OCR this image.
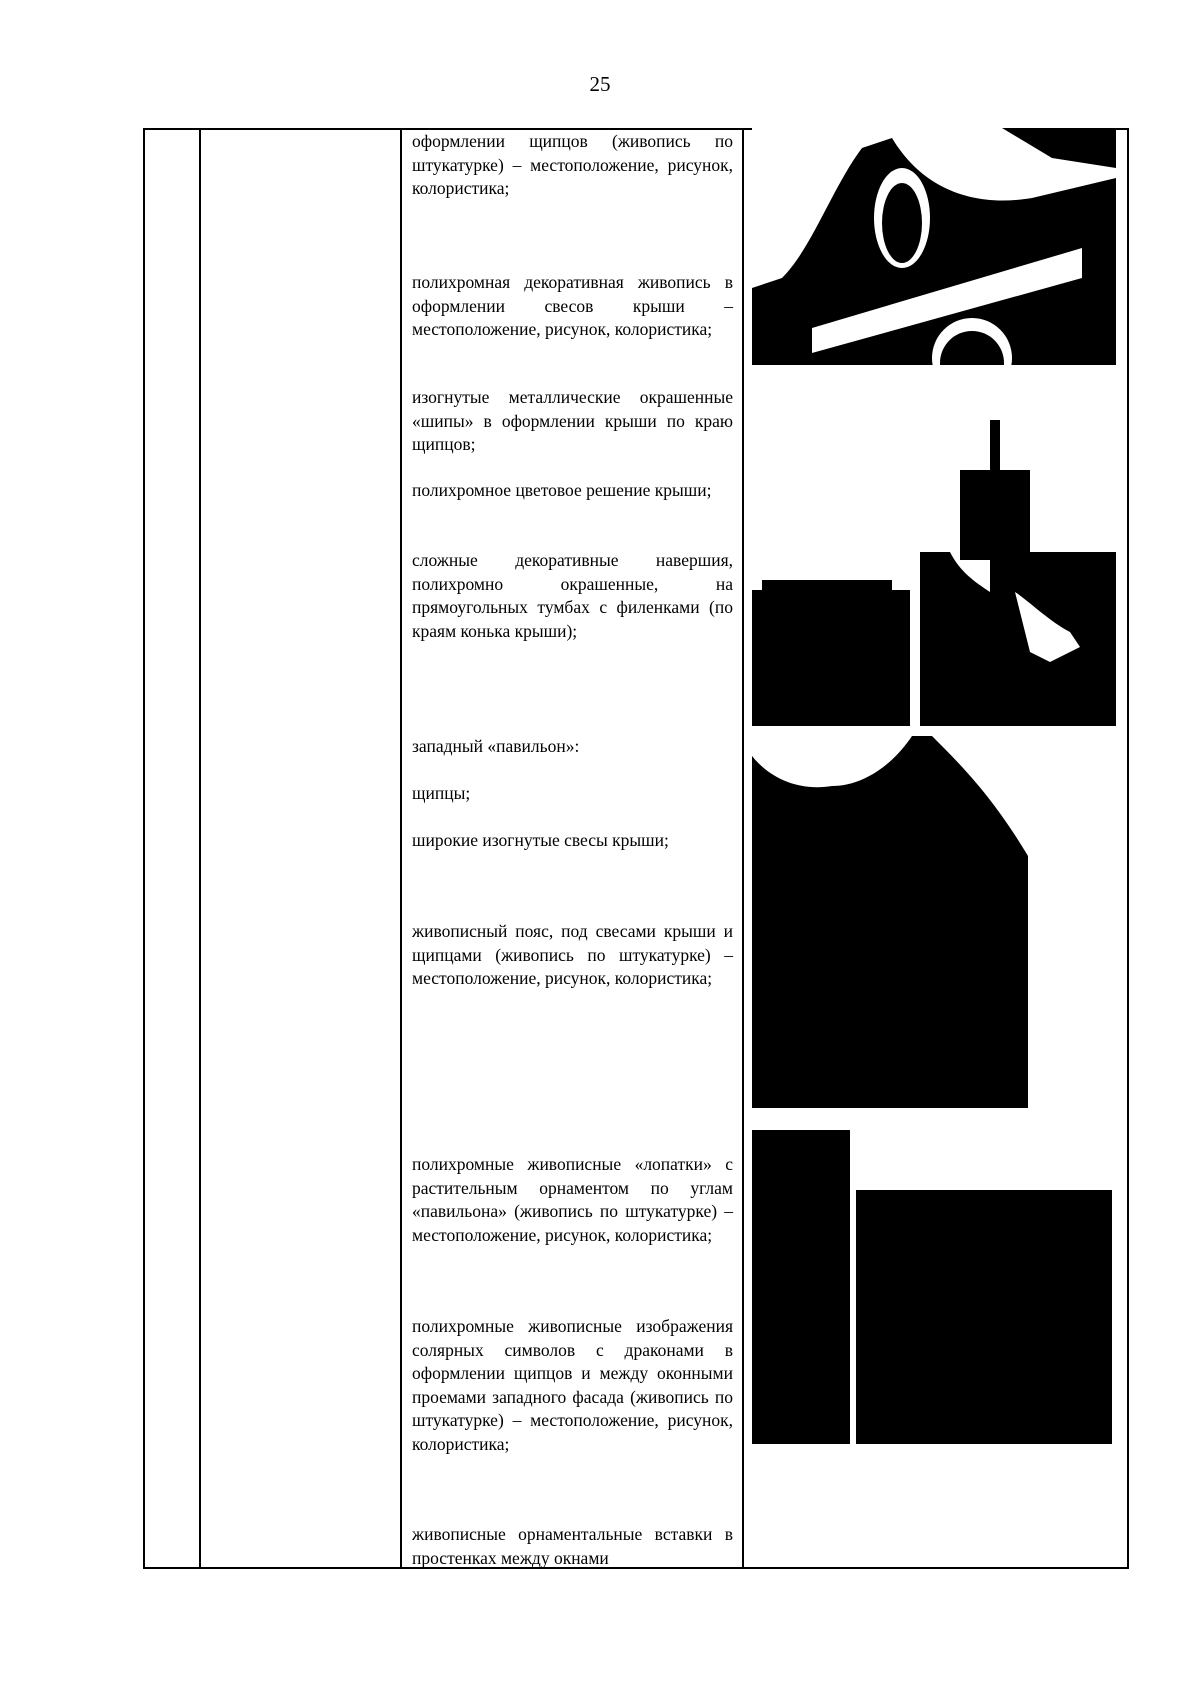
25
оформлении щипцов (живопись по штукатурке) – местоположение, рисунок, колористика;
полихромная декоративная живопись в оформлении свесов крыши – местоположение, рисунок, колористика;
изогнутые металлические окрашенные «шипы» в оформлении крыши по краю щипцов;
полихромное цветовое решение крыши;
сложные декоративные навершия, полихромно окрашенные, на прямоугольных тумбах с филенками (по краям конька крыши);
западный «павильон»:
щипцы;
широкие изогнутые свесы крыши;
живописный пояс, под свесами крыши и щипцами (живопись по штукатурке) – местоположение, рисунок, колористика;
полихромные живописные «лопатки» с растительным орнаментом по углам «павильона» (живопись по штукатурке) – местоположение, рисунок, колористика;
полихромные живописные изображения солярных символов с драконами в оформлении щипцов и между оконными проемами западного фасада (живопись по штукатурке) – местоположение, рисунок, колористика;
живописные орнаментальные вставки в простенках между окнами
